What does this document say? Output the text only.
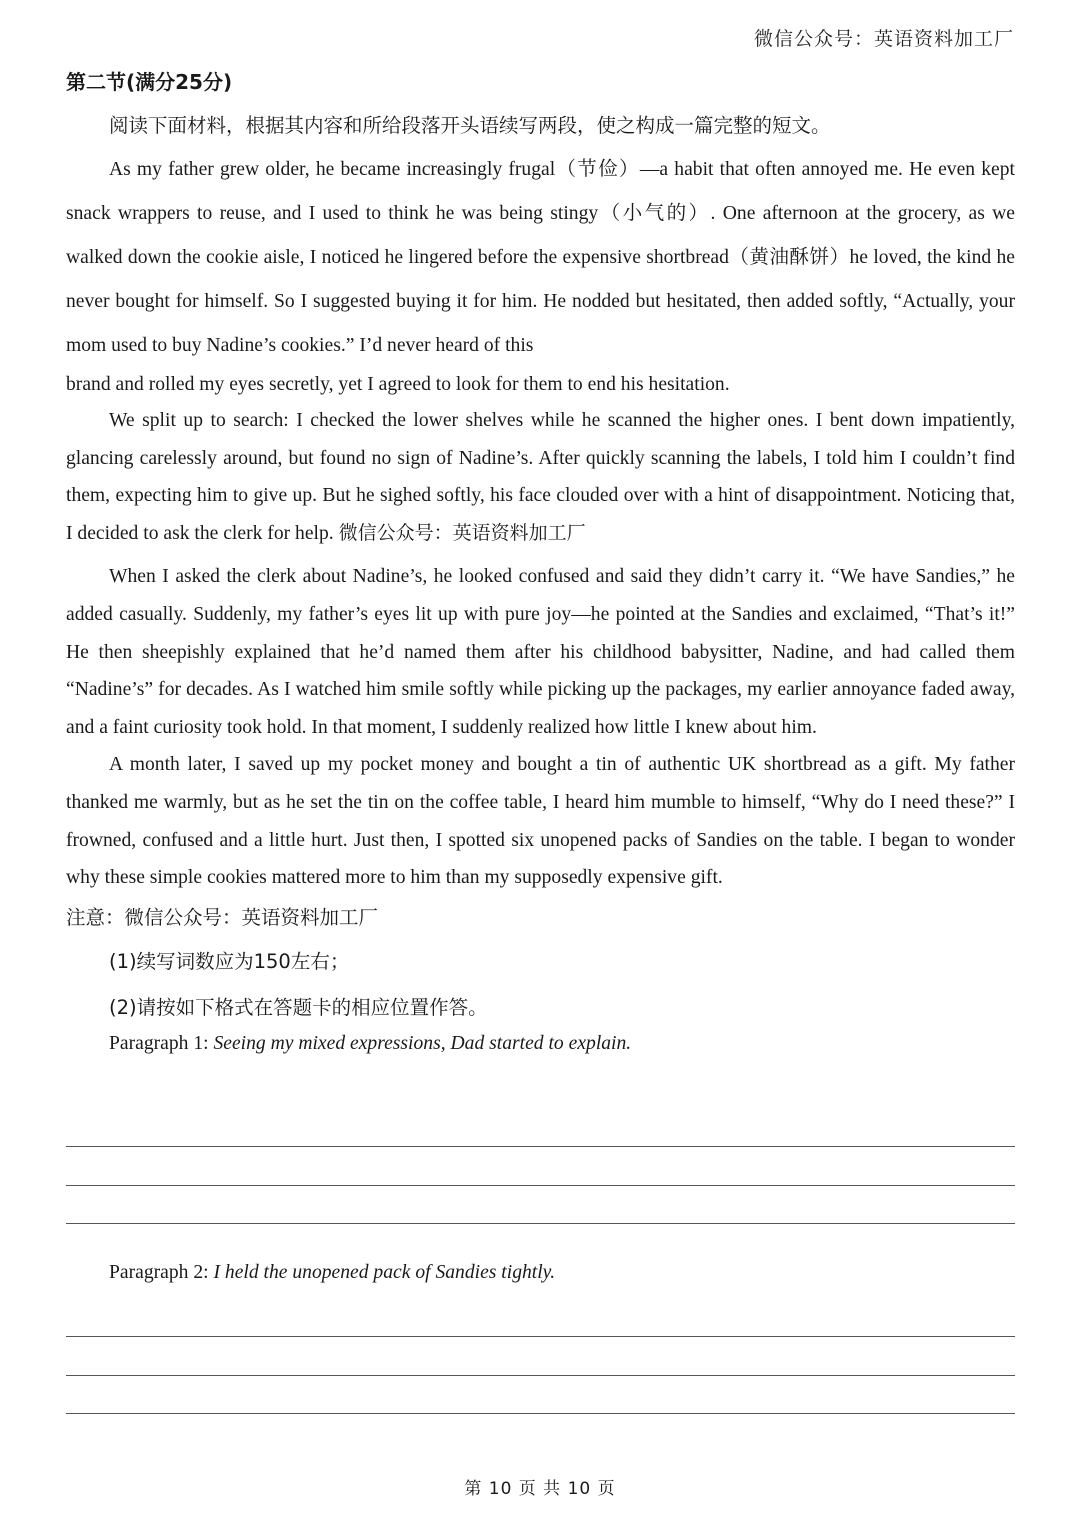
微信公众号：英语资料加工厂
第二节(满分25分)

阅读下面材料，根据其内容和所给段落开头语续写两段，使之构成一篇完整的短文。

As my father grew older, he became increasingly frugal（节俭）—a habit that often annoyed me. He even kept snack wrappers to reuse, and I used to think he was being stingy（小气的）. One afternoon at the grocery, as we walked down the cookie aisle, I noticed he lingered before the expensive shortbread（黄油酥饼）he loved, the kind he never bought for himself. So I suggested buying it for him. He nodded but hesitated, then added softly, “Actually, your mom used to buy Nadine’s cookies.” I’d never heard of this
brand and rolled my eyes secretly, yet I agreed to look for them to end his hesitation.

We split up to search: I checked the lower shelves while he scanned the higher ones. I bent down impatiently, glancing carelessly around, but found no sign of Nadine’s. After quickly scanning the labels, I told him I couldn’t find them, expecting him to give up. But he sighed softly, his face clouded over with a hint of disappointment. Noticing that, I decided to ask the clerk for help. 微信公众号：英语资料加工厂

When I asked the clerk about Nadine’s, he looked confused and said they didn’t carry it. “We have Sandies,” he added casually. Suddenly, my father’s eyes lit up with pure joy—he pointed at the Sandies and exclaimed, “That’s it!” He then sheepishly explained that he’d named them after his childhood babysitter, Nadine, and had called them “Nadine’s” for decades. As I watched him smile softly while picking up the packages, my earlier annoyance faded away, and a faint curiosity took hold. In that moment, I suddenly realized how little I knew about him.

A month later, I saved up my pocket money and bought a tin of authentic UK shortbread as a gift. My father thanked me warmly, but as he set the tin on the coffee table, I heard him mumble to himself, “Why do I need these?” I frowned, confused and a little hurt. Just then, I spotted six unopened packs of Sandies on the table. I began to wonder why these simple cookies mattered more to him than my supposedly expensive gift.

注意：微信公众号：英语资料加工厂

(1)续写词数应为150左右；

(2)请按如下格式在答题卡的相应位置作答。

Paragraph 1: Seeing my mixed expressions, Dad started to explain.

Paragraph 2: I held the unopened pack of Sandies tightly.

第 10 页 共 10 页
